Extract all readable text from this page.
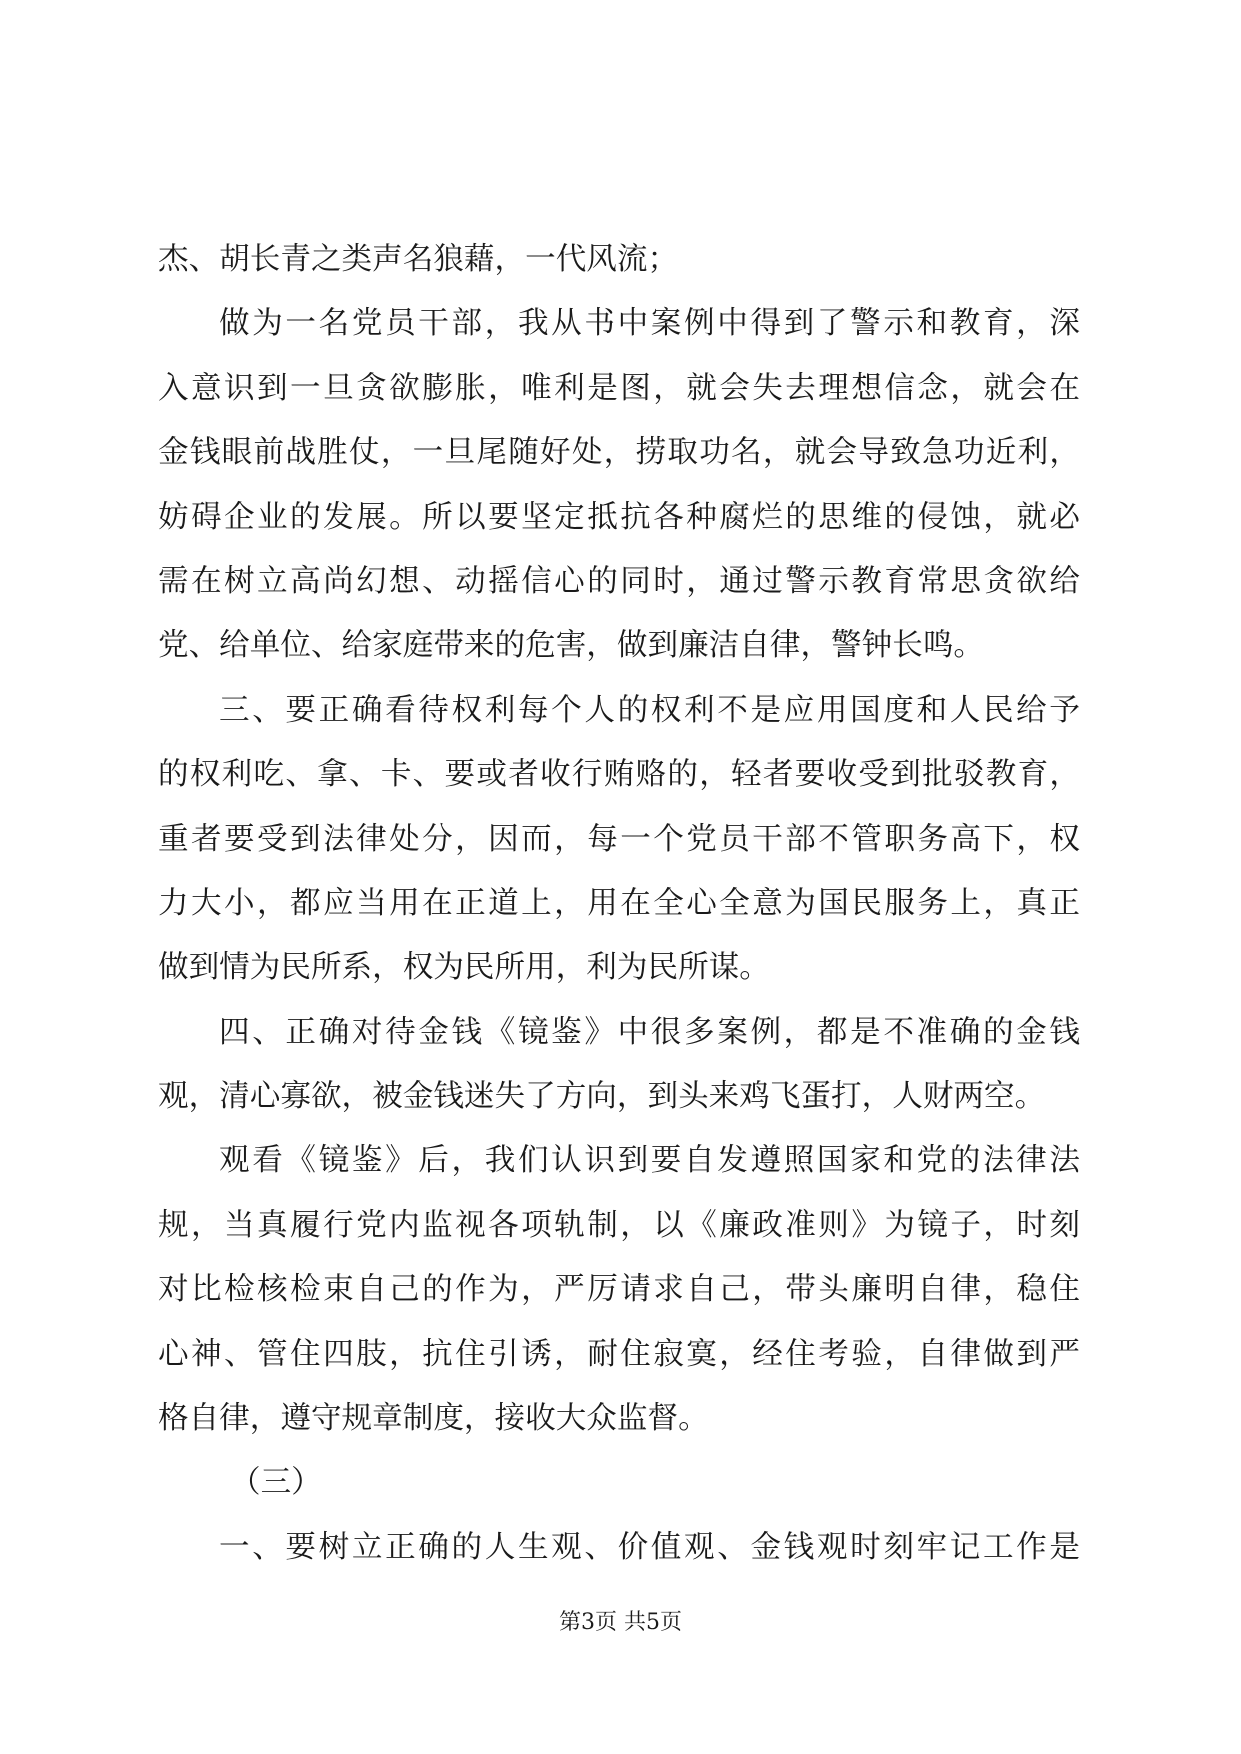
杰、胡长青之类声名狼藉，一代风流；
做为一名党员干部，我从书中案例中得到了警示和教育，深
入意识到一旦贪欲膨胀，唯利是图，就会失去理想信念，就会在
金钱眼前战胜仗，一旦尾随好处，捞取功名，就会导致急功近利，
妨碍企业的发展。所以要坚定抵抗各种腐烂的思维的侵蚀，就必
需在树立高尚幻想、动摇信心的同时，通过警示教育常思贪欲给
党、给单位、给家庭带来的危害，做到廉洁自律，警钟长鸣。
三、要正确看待权利每个人的权利不是应用国度和人民给予
的权利吃、拿、卡、要或者收行贿赂的，轻者要收受到批驳教育，
重者要受到法律处分，因而，每一个党员干部不管职务高下，权
力大小，都应当用在正道上，用在全心全意为国民服务上，真正
做到情为民所系，权为民所用，利为民所谋。
四、正确对待金钱《镜鉴》中很多案例，都是不准确的金钱
观，清心寡欲，被金钱迷失了方向，到头来鸡飞蛋打，人财两空。
观看《镜鉴》后，我们认识到要自发遵照国家和党的法律法
规，当真履行党内监视各项轨制，以《廉政准则》为镜子，时刻
对比检核检束自己的作为，严厉请求自己，带头廉明自律，稳住
心神、管住四肢，抗住引诱，耐住寂寞，经住考验，自律做到严
格自律，遵守规章制度，接收大众监督。
（三）
一、要树立正确的人生观、价值观、金钱观时刻牢记工作是
第3页 共5页
